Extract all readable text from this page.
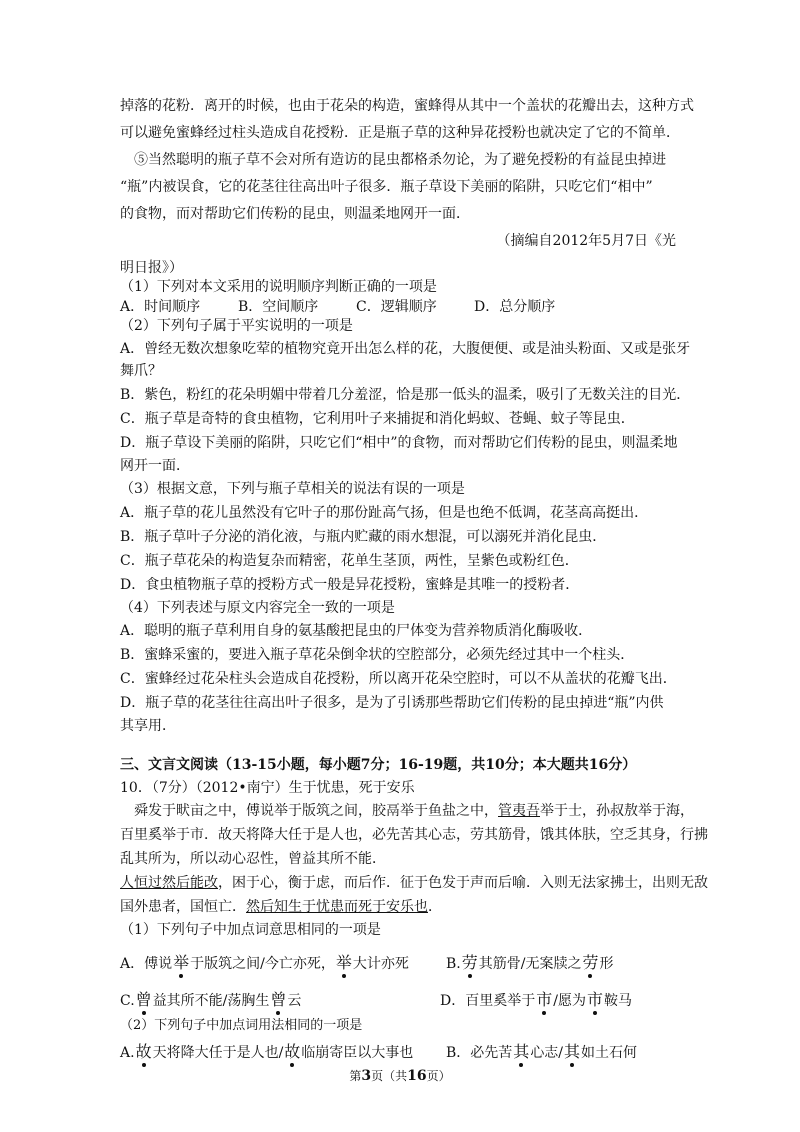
掉落的花粉．离开的时候，也由于花朵的构造，蜜蜂得从其中一个盖状的花瓣出去，这种方式
可以避免蜜蜂经过柱头造成自花授粉．正是瓶子草的这种异花授粉也就决定了它的不简单．
⑤当然聪明的瓶子草不会对所有造访的昆虫都格杀勿论，为了避免授粉的有益昆虫掉进
“瓶”内被误食，它的花茎往往高出叶子很多．瓶子草设下美丽的陷阱，只吃它们“相中”
的食物，而对帮助它们传粉的昆虫，则温柔地网开一面．
（摘编自2012年5月7日《光
明日报》）
（1）下列对本文采用的说明顺序判断正确的一项是
A．时间顺序	B．空间顺序	C．逻辑顺序	D．总分顺序
（2）下列句子属于平实说明的一项是
A．曾经无数次想象吃荤的植物究竟开出怎么样的花，大腹便便、或是油头粉面、又或是张牙
舞爪？
B．紫色，粉红的花朵明媚中带着几分羞涩，恰是那一低头的温柔，吸引了无数关注的目光．
C．瓶子草是奇特的食虫植物，它利用叶子来捕捉和消化蚂蚁、苍蝇、蚊子等昆虫．
D．瓶子草设下美丽的陷阱，只吃它们“相中”的食物，而对帮助它们传粉的昆虫，则温柔地
网开一面．
（3）根据文意，下列与瓶子草相关的说法有误的一项是
A．瓶子草的花儿虽然没有它叶子的那份趾高气扬，但是也绝不低调，花茎高高挺出．
B．瓶子草叶子分泌的消化液，与瓶内贮藏的雨水想混，可以溺死并消化昆虫．
C．瓶子草花朵的构造复杂而精密，花单生茎顶，两性，呈紫色或粉红色．
D．食虫植物瓶子草的授粉方式一般是异花授粉，蜜蜂是其唯一的授粉者．
（4）下列表述与原文内容完全一致的一项是
A．聪明的瓶子草利用自身的氨基酸把昆虫的尸体变为营养物质消化酶吸收．
B．蜜蜂采蜜的，要进入瓶子草花朵倒伞状的空腔部分，必须先经过其中一个柱头．
C．蜜蜂经过花朵柱头会造成自花授粉，所以离开花朵空腔时，可以不从盖状的花瓣飞出．
D．瓶子草的花茎往往高出叶子很多，是为了引诱那些帮助它们传粉的昆虫掉进“瓶”内供
其享用．
三、文言文阅读（13-15小题，每小题7分；16-19题，共10分；本大题共16分）
10．（7分）（2012•南宁）生于忧患，死于安乐
舜发于畎亩之中，傅说举于版筑之间，胶鬲举于鱼盐之中，管夷吾举于士，孙叔敖举于海，
百里奚举于市．故天将降大任于是人也，必先苦其心志，劳其筋骨，饿其体肤，空乏其身，行拂
乱其所为，所以动心忍性，曾益其所不能．
人恒过然后能改，困于心，衡于虑，而后作．征于色发于声而后喻．入则无法家拂士，出则无敌
国外患者，国恒亡．然后知生于忧患而死于安乐也．
（1）下列句子中加点词意思相同的一项是
A．傅说举于版筑之间/今亡亦死，举大计亦死	B.劳其筋骨/无案牍之劳形
C.曾益其所不能/荡胸生曾云	D．百里奚举于市/愿为市鞍马
（2）下列句子中加点词用法相同的一项是
A.故天将降大任于是人也/故临崩寄臣以大事也 B．必先苦其心志/其如土石何
第3页（共16页）
